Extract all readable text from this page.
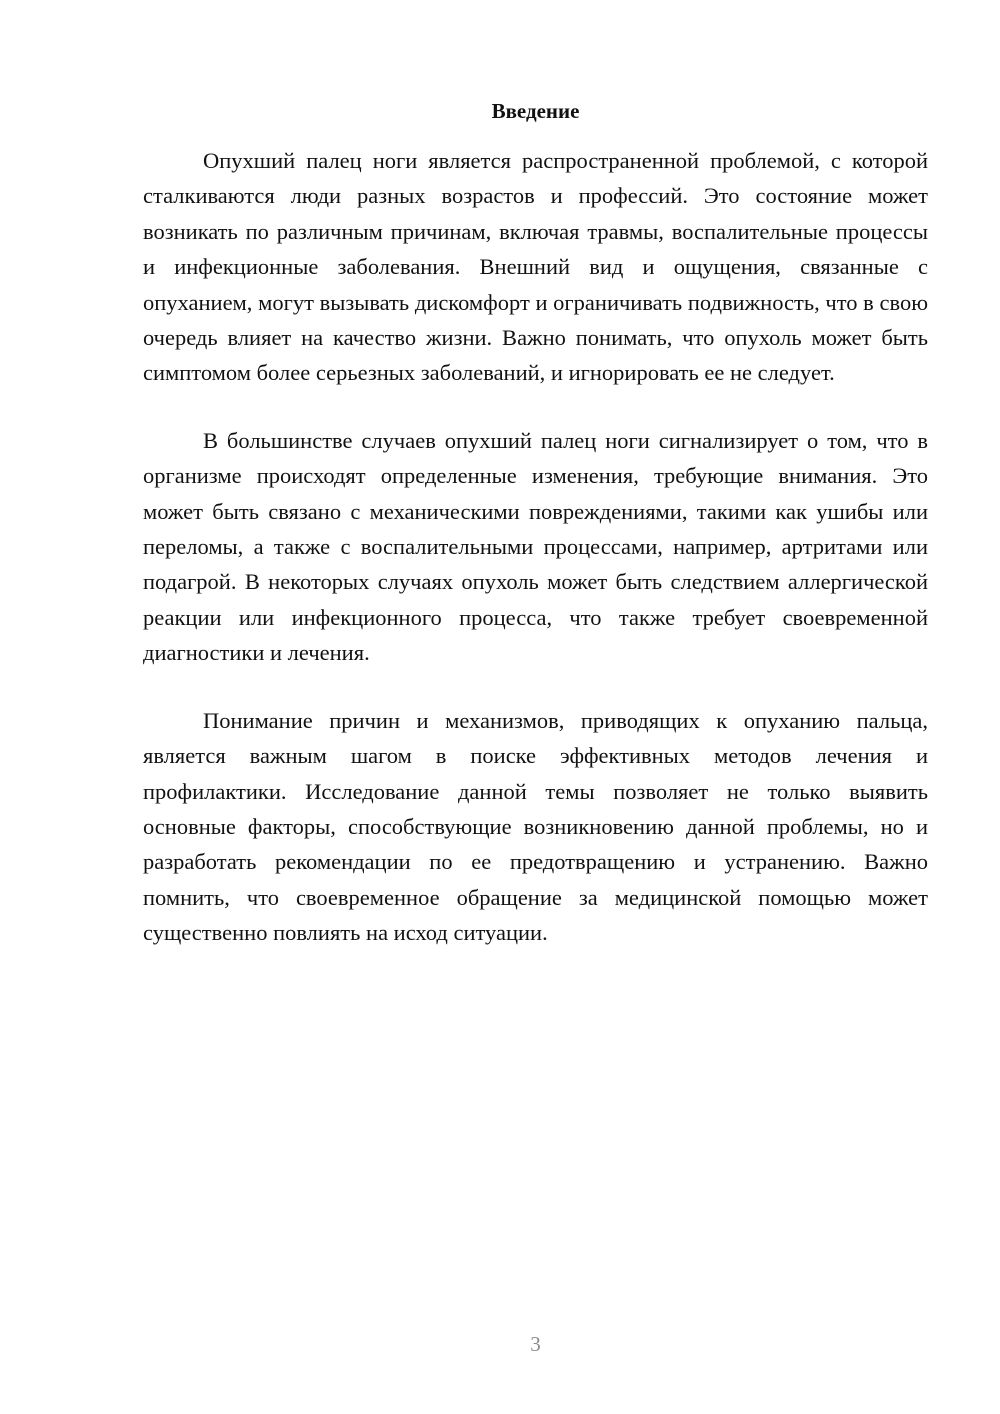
Введение

Опухший палец ноги является распространенной проблемой, с которой сталкиваются люди разных возрастов и профессий. Это состояние может возникать по различным причинам, включая травмы, воспалительные процессы и инфекционные заболевания. Внешний вид и ощущения, связанные с опуханием, могут вызывать дискомфорт и ограничивать подвижность, что в свою очередь влияет на качество жизни. Важно понимать, что опухоль может быть симптомом более серьезных заболеваний, и игнорировать ее не следует.

В большинстве случаев опухший палец ноги сигнализирует о том, что в организме происходят определенные изменения, требующие внимания. Это может быть связано с механическими повреждениями, такими как ушибы или переломы, а также с воспалительными процессами, например, артритами или подагрой. В некоторых случаях опухоль может быть следствием аллергической реакции или инфекционного процесса, что также требует своевременной диагностики и лечения.

Понимание причин и механизмов, приводящих к опуханию пальца, является важным шагом в поиске эффективных методов лечения и профилактики. Исследование данной темы позволяет не только выявить основные факторы, способствующие возникновению данной проблемы, но и разработать рекомендации по ее предотвращению и устранению. Важно помнить, что своевременное обращение за медицинской помощью может существенно повлиять на исход ситуации.

3
